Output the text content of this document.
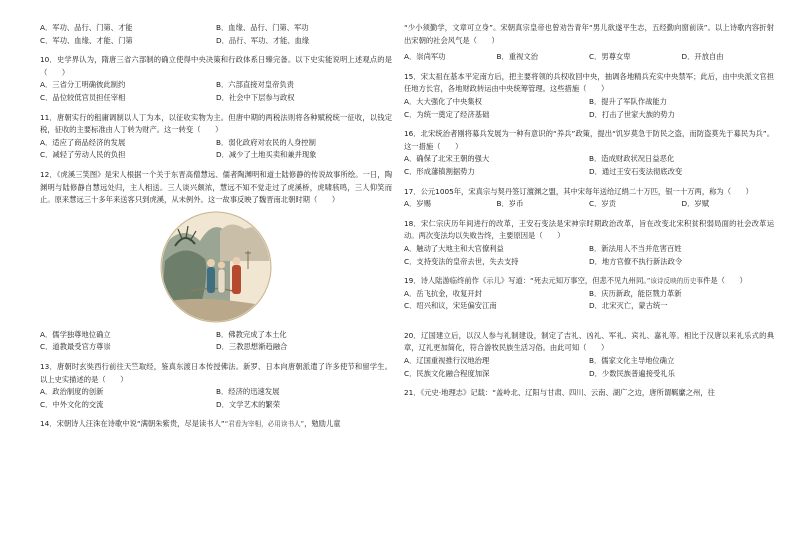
A．军功、品行、门第、才能	B．血缘、品行、门第、军功
C．军功、血缘、才能、门第	D．品行、军功、才能、血缘

10．史学界认为，隋唐三省六部制的确立使得中央决策和行政体系日臻完备。以下史实能说明上述观点的是（　　）

A．三省分工明确彼此制约	B．六部直接对皇帝负责
C．品位较低官员担任宰相	D．社会中下层参与政权

11．唐朝实行的租庸调制以人丁为本，以征收实物为主。但唐中期的两税法则将各种赋税统一征收，以钱定税，征收的主要标准由人丁转为财产。这一转变（　　）

A．适应了商品经济的发展	B．弱化政府对农民的人身控制
C．减轻了劳动人民的负担	D．减少了土地买卖和兼并现象

12．《虎溪三笑图》是宋人根据一个关于东晋高僧慧远、儒者陶渊明和道士陆修静的传说故事所绘。一日，陶渊明与陆修静自慧远处归，主人相送。三人谈兴颇浓，慧远不知不觉走过了虎溪桥，虎啸骇鸣，三人仰笑而止。原来慧远三十多年来送客只到虎溪，从未例外。这一故事反映了魏晋南北朝时期（　　）

A．儒学独尊地位确立	B．佛教完成了本土化
C．道教最受官方尊崇	D．三教思想渐趋融合

13．唐朝时玄奘西行前往天竺取经，鉴真东渡日本传授佛法。新罗、日本向唐朝派遣了许多使节和留学生。以上史实描述的是（　　）

A．政治制度的创新	B．经济的迅速发展
C．中外文化的交流	D．文学艺术的繁荣

14．宋朝诗人汪洙在诗歌中说“满朝朱紫贵，尽是读书人”“君看为宰相，必用读书人”，勉励儿童

“少小须勤学，文章可立身”。宋朝真宗皇帝也曾劝告青年“男儿欲遂平生志，五经勤向窗前读”。以上诗歌内容折射出宋朝的社会风气是（　　）

A．崇尚军功	B．重视文治	C．男尊女卑	D．开放自由

15．宋太祖在基本平定南方后，把主要将领的兵权收回中央，抽调各地精兵充实中央禁军；此后，由中央派文官担任地方长官，各地财政转运由中央统筹管理。这些措施（　　）

A．大大强化了中央集权	B．提升了军队作战能力
C．为统一奠定了经济基础	D．打击了世家大族的势力

16．北宋统治者刚将募兵发展为一种有意识的“养兵”政策，提出“饥岁莫急于防民之盗，而防盗莫先于募民为兵”。这一措施（　　）

A．确保了北宋王朝的强大	B．造成财政状况日益恶化
C．形成藩镇割据势力	D．通过王安石变法彻底改变

17．公元1005年，宋真宗与契丹签订澶渊之盟，其中宋每年送给辽绢二十万匹，银一十万两，称为（　　）

A．岁赐	B．岁币	C．岁贡	D．岁赋

18．宋仁宗庆历年间进行的改革，王安石变法是宋神宗时期政治改革，旨在改变北宋积贫积弱局面的社会改革运动。两次变法均以失败告终，主要原因是（　　）

A．触动了大地主和大官僚利益	B．新法用人不当并危害百姓
C．支持变法的皇帝去世，失去支持	D．地方官僚不执行新法政令

19．诗人陆游临终前作《示儿》写道：“死去元知万事空，但悲不见九州同。”该诗反映的历史事件是（　　）

A．岳飞抗金，收复开封	B．庆历新政，能臣戮力革新
C．绍兴和议，宋廷偏安江南	D．北宋灭亡，蒙古统一

20．辽国建立后，以汉人参与礼制建设，制定了吉礼、凶礼、军礼、宾礼、嘉礼等。相比于汉唐以来礼乐式的典章，辽礼更加简化，符合游牧民族生活习俗。由此可知（　　）

A．辽国重视推行汉地治理	B．儒家文化主导地位确立
C．民族文化融合程度加深	D．少数民族普遍接受礼乐

21．《元史·地理志》记载：“盖岭北、辽阳与甘肃、四川、云南、湖广之边，唐所谓羁縻之州，往
